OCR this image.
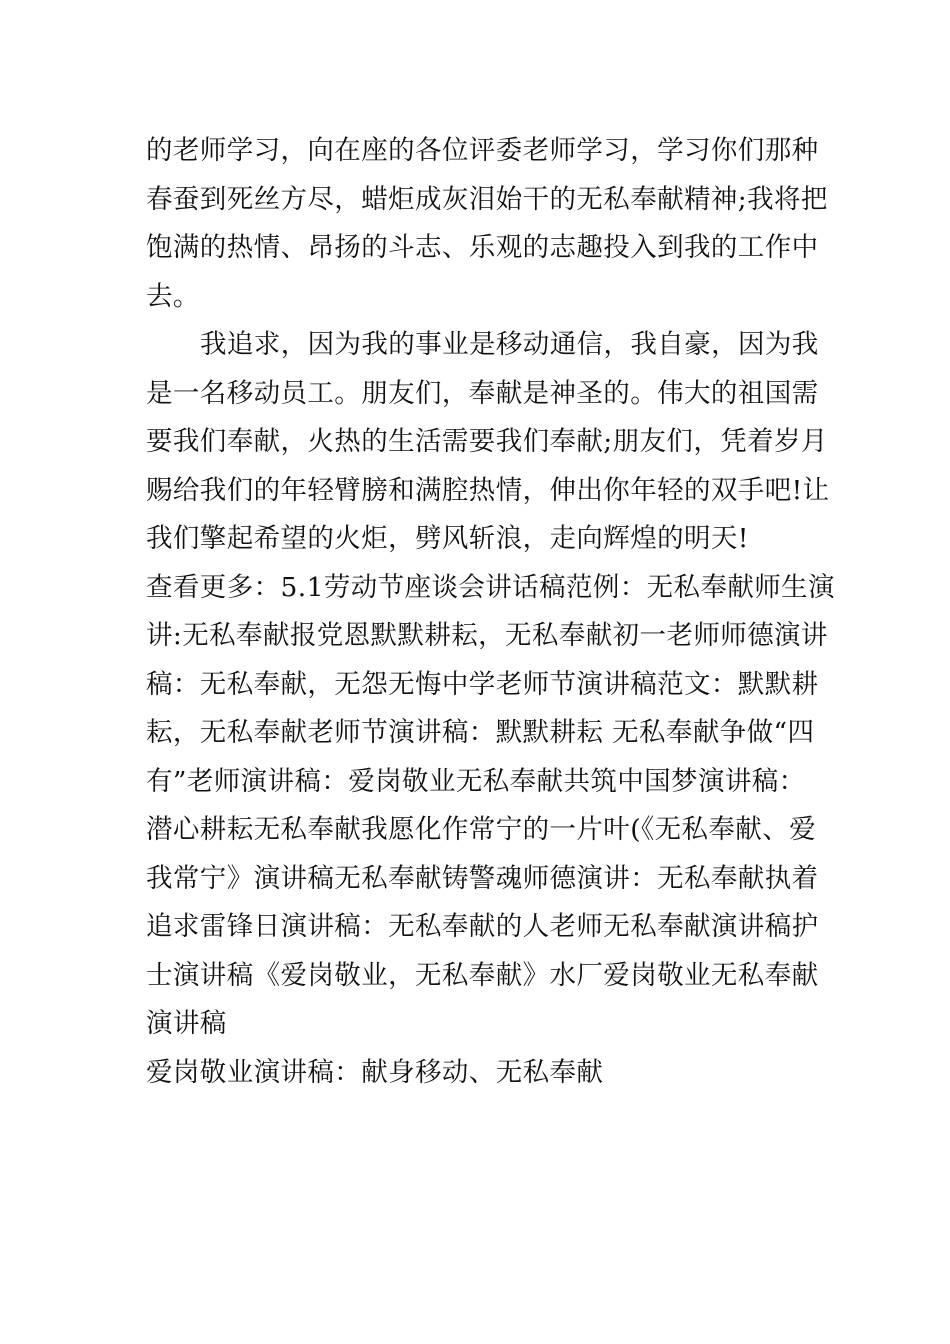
的老师学习，向在座的各位评委老师学习，学习你们那种
春蚕到死丝方尽，蜡炬成灰泪始干的无私奉献精神;我将把
饱满的热情、昂扬的斗志、乐观的志趣投入到我的工作中
去。
我追求，因为我的事业是移动通信，我自豪，因为我
是一名移动员工。朋友们，奉献是神圣的。伟大的祖国需
要我们奉献，火热的生活需要我们奉献;朋友们，凭着岁月
赐给我们的年轻臂膀和满腔热情，伸出你年轻的双手吧!让
我们擎起希望的火炬，劈风斩浪，走向辉煌的明天!
查看更多：5.1劳动节座谈会讲话稿范例：无私奉献师生演
讲:无私奉献报党恩默默耕耘，无私奉献初一老师师德演讲
稿：无私奉献，无怨无悔中学老师节演讲稿范文：默默耕
耘，无私奉献老师节演讲稿：默默耕耘 无私奉献争做“四
有”老师演讲稿：爱岗敬业无私奉献共筑中国梦演讲稿：
潜心耕耘无私奉献我愿化作常宁的一片叶(《无私奉献、爱
我常宁》演讲稿无私奉献铸警魂师德演讲：无私奉献执着
追求雷锋日演讲稿：无私奉献的人老师无私奉献演讲稿护
士演讲稿《爱岗敬业，无私奉献》水厂爱岗敬业无私奉献
演讲稿
爱岗敬业演讲稿：献身移动、无私奉献
